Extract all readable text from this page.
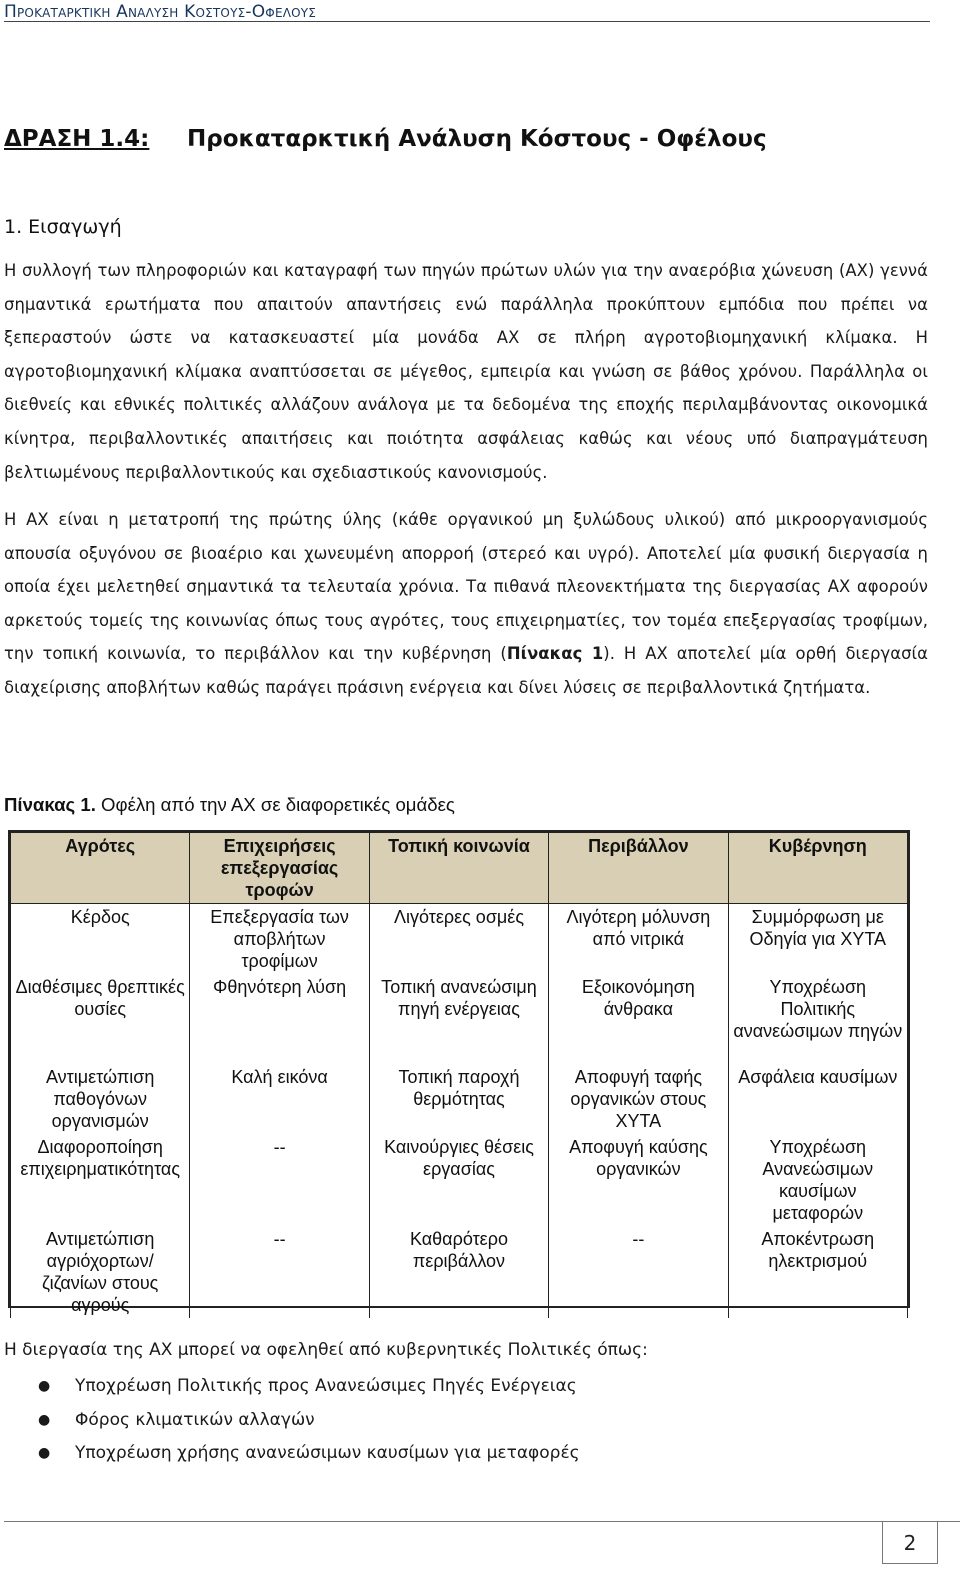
Προκαταρκτικη Αναλυση Κοστους-Οφελους
ΔΡΑΣΗ 1.4: Προκαταρκτική Ανάλυση Κόστους - Οφέλους
1. Εισαγωγή

Η συλλογή των πληροφοριών και καταγραφή των πηγών πρώτων υλών για την αναερόβια χώνευση (ΑΧ) γεννά σημαντικά ερωτήματα που απαιτούν απαντήσεις ενώ παράλληλα προκύπτουν εμπόδια που πρέπει να ξεπεραστούν ώστε να κατασκευαστεί μία μονάδα ΑΧ σε πλήρη αγροτοβιομηχανική κλίμακα. Η αγροτοβιομηχανική κλίμακα αναπτύσσεται σε μέγεθος, εμπειρία και γνώση σε βάθος χρόνου. Παράλληλα οι διεθνείς και εθνικές πολιτικές αλλάζουν ανάλογα με τα δεδομένα της εποχής περιλαμβάνοντας οικονομικά κίνητρα, περιβαλλοντικές απαιτήσεις και ποιότητα ασφάλειας καθώς και νέους υπό διαπραγμάτευση βελτιωμένους περιβαλλοντικούς και σχεδιαστικούς κανονισμούς.

Η ΑΧ είναι η μετατροπή της πρώτης ύλης (κάθε οργανικού μη ξυλώδους υλικού) από μικροοργανισμούς απουσία οξυγόνου σε βιοαέριο και χωνευμένη απορροή (στερεό και υγρό). Αποτελεί μία φυσική διεργασία η οποία έχει μελετηθεί σημαντικά τα τελευταία χρόνια. Τα πιθανά πλεονεκτήματα της διεργασίας ΑΧ αφορούν αρκετούς τομείς της κοινωνίας όπως τους αγρότες, τους επιχειρηματίες, τον τομέα επεξεργασίας τροφίμων, την τοπική κοινωνία, το περιβάλλον και την κυβέρνηση (Πίνακας 1). Η ΑΧ αποτελεί μία ορθή διεργασία διαχείρισης αποβλήτων καθώς παράγει πράσινη ενέργεια και δίνει λύσεις σε περιβαλλοντικά ζητήματα.

Πίνακας 1. Οφέλη από την ΑΧ σε διαφορετικές ομάδες
Αγρότες	Επιχειρήσεις επεξεργασίας τροφών	Τοπική κοινωνία	Περιβάλλον	Κυβέρνηση
Κέρδος	Επεξεργασία των αποβλήτων τροφίμων	Λιγότερες οσμές	Λιγότερη μόλυνση από νιτρικά	Συμμόρφωση με Οδηγία για ΧΥΤΑ
Διαθέσιμες θρεπτικές ουσίες	Φθηνότερη λύση	Τοπική ανανεώσιμη πηγή ενέργειας	Εξοικονόμηση άνθρακα	Υποχρέωση Πολιτικής ανανεώσιμων πηγών
Αντιμετώπιση παθογόνων οργανισμών	Καλή εικόνα	Τοπική παροχή θερμότητας	Αποφυγή ταφής οργανικών στους ΧΥΤΑ	Ασφάλεια καυσίμων
Διαφοροποίηση επιχειρηματικότητας	--	Καινούργιες θέσεις εργασίας	Αποφυγή καύσης οργανικών	Υποχρέωση Ανανεώσιμων καυσίμων μεταφορών
Αντιμετώπιση αγριόχορτων/ ζιζανίων στους αγρούς	--	Καθαρότερο περιβάλλον	--	Αποκέντρωση ηλεκτρισμού

Η διεργασία της ΑΧ μπορεί να οφεληθεί από κυβερνητικές Πολιτικές όπως:

● Υποχρέωση Πολιτικής προς Ανανεώσιμες Πηγές Ενέργειας
● Φόρος κλιματικών αλλαγών
● Υποχρέωση χρήσης ανανεώσιμων καυσίμων για μεταφορές
2
